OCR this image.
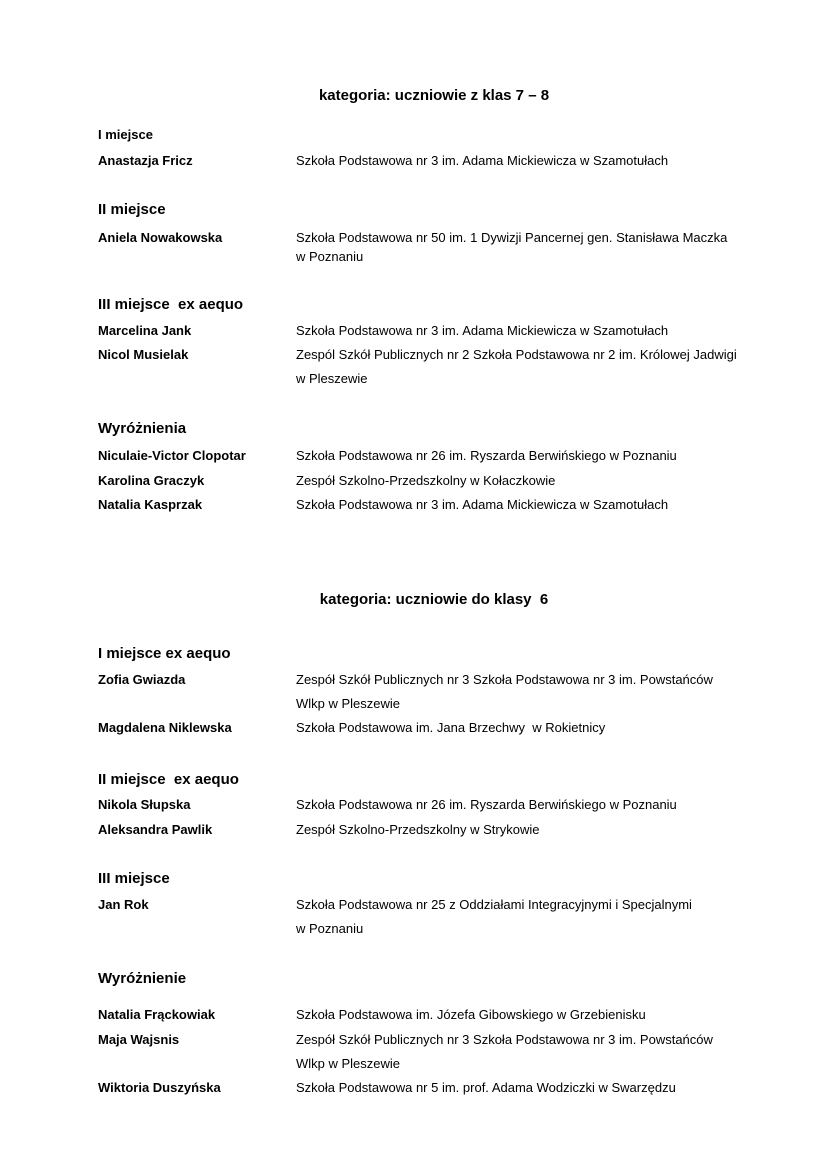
kategoria: uczniowie z klas 7 – 8
I miejsce
Anastazja Fricz	Szkoła Podstawowa nr 3 im. Adama Mickiewicza w Szamotułach
II miejsce
Aniela Nowakowska	Szkoła Podstawowa nr 50 im. 1 Dywizji Pancernej gen. Stanisława Maczka
w Poznaniu
III miejsce  ex aequo
Marcelina Jank	Szkoła Podstawowa nr 3 im. Adama Mickiewicza w Szamotułach
Nicol Musielak	Zespól Szkół Publicznych nr 2 Szkoła Podstawowa nr 2 im. Królowej Jadwigi
w Pleszewie
Wyróżnienia
Niculaie-Victor Clopotar	Szkoła Podstawowa nr 26 im. Ryszarda Berwińskiego w Poznaniu
Karolina Graczyk	Zespół Szkolno-Przedszkolny w Kołaczkowie
Natalia Kasprzak	Szkoła Podstawowa nr 3 im. Adama Mickiewicza w Szamotułach
kategoria: uczniowie do klasy  6
I miejsce ex aequo
Zofia Gwiazda	Zespół Szkół Publicznych nr 3 Szkoła Podstawowa nr 3 im. Powstańców
Wlkp w Pleszewie
Magdalena Niklewska	Szkoła Podstawowa im. Jana Brzechwy  w Rokietnicy
II miejsce  ex aequo
Nikola Słupska	Szkoła Podstawowa nr 26 im. Ryszarda Berwińskiego w Poznaniu
Aleksandra Pawlik	Zespół Szkolno-Przedszkolny w Strykowie
III miejsce
Jan Rok	Szkoła Podstawowa nr 25 z Oddziałami Integracyjnymi i Specjalnymi
w Poznaniu
Wyróżnienie
Natalia Frąckowiak	Szkoła Podstawowa im. Józefa Gibowskiego w Grzebienisku
Maja Wajsnis	Zespół Szkół Publicznych nr 3 Szkoła Podstawowa nr 3 im. Powstańców
Wlkp w Pleszewie
Wiktoria Duszyńska	Szkoła Podstawowa nr 5 im. prof. Adama Wodziczki w Swarzędzu
